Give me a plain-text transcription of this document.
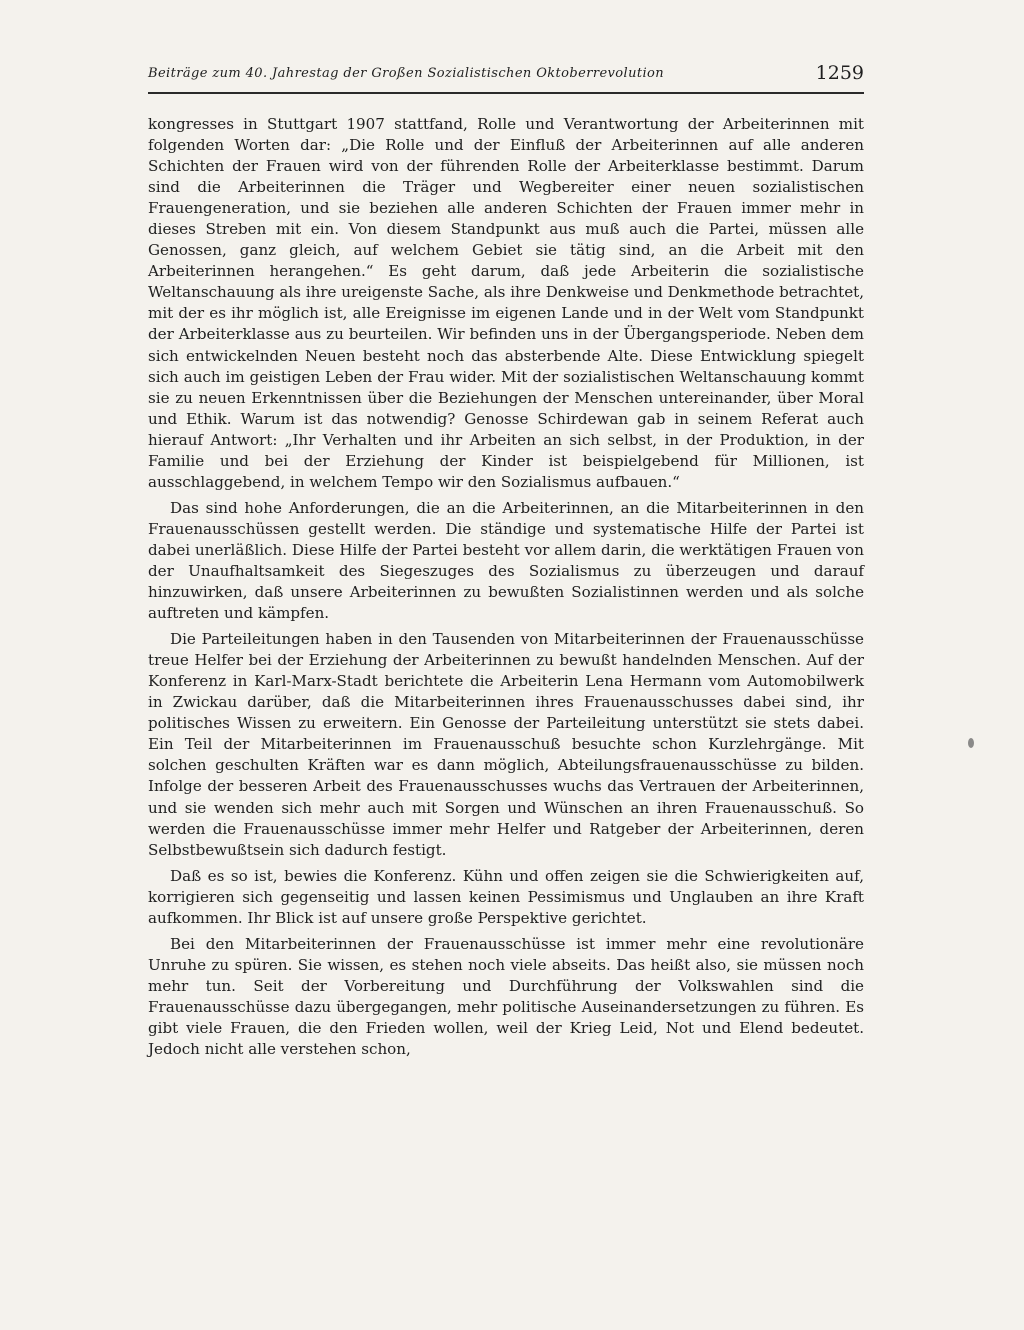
Beiträge zum 40. Jahrestag der Großen Sozialistischen Oktoberrevolution	1259

kongresses in Stuttgart 1907 stattfand, Rolle und Verantwortung der Arbeiterinnen mit folgenden Worten dar: „Die Rolle und der Einfluß der Arbeiterinnen auf alle anderen Schichten der Frauen wird von der führenden Rolle der Arbeiterklasse bestimmt. Darum sind die Arbeiterinnen die Träger und Wegbereiter einer neuen sozialistischen Frauengeneration, und sie beziehen alle anderen Schichten der Frauen immer mehr in dieses Streben mit ein. Von diesem Standpunkt aus muß auch die Partei, müssen alle Genossen, ganz gleich, auf welchem Gebiet sie tätig sind, an die Arbeit mit den Arbeiterinnen herangehen.“ Es geht darum, daß jede Arbeiterin die sozialistische Weltanschauung als ihre ureigenste Sache, als ihre Denkweise und Denkmethode betrachtet, mit der es ihr möglich ist, alle Ereignisse im eigenen Lande und in der Welt vom Standpunkt der Arbeiterklasse aus zu beurteilen. Wir befinden uns in der Übergangsperiode. Neben dem sich entwickelnden Neuen besteht noch das absterbende Alte. Diese Entwicklung spiegelt sich auch im geistigen Leben der Frau wider. Mit der sozialistischen Weltanschauung kommt sie zu neuen Erkenntnissen über die Beziehungen der Menschen untereinander, über Moral und Ethik. Warum ist das notwendig? Genosse Schirdewan gab in seinem Referat auch hierauf Antwort: „Ihr Verhalten und ihr Arbeiten an sich selbst, in der Produktion, in der Familie und bei der Erziehung der Kinder ist beispielgebend für Millionen, ist ausschlaggebend, in welchem Tempo wir den Sozialismus aufbauen.“

Das sind hohe Anforderungen, die an die Arbeiterinnen, an die Mitarbeiterinnen in den Frauenausschüssen gestellt werden. Die ständige und systematische Hilfe der Partei ist dabei unerläßlich. Diese Hilfe der Partei besteht vor allem darin, die werktätigen Frauen von der Unaufhaltsamkeit des Siegeszuges des Sozialismus zu überzeugen und darauf hinzuwirken, daß unsere Arbeiterinnen zu bewußten Sozialistinnen werden und als solche auftreten und kämpfen.

Die Parteileitungen haben in den Tausenden von Mitarbeiterinnen der Frauenausschüsse treue Helfer bei der Erziehung der Arbeiterinnen zu bewußt handelnden Menschen. Auf der Konferenz in Karl-Marx-Stadt berichtete die Arbeiterin Lena Hermann vom Automobilwerk in Zwickau darüber, daß die Mitarbeiterinnen ihres Frauenausschusses dabei sind, ihr politisches Wissen zu erweitern. Ein Genosse der Parteileitung unterstützt sie stets dabei. Ein Teil der Mitarbeiterinnen im Frauenausschuß besuchte schon Kurzlehrgänge. Mit solchen geschulten Kräften war es dann möglich, Abteilungsfrauenausschüsse zu bilden. Infolge der besseren Arbeit des Frauenausschusses wuchs das Vertrauen der Arbeiterinnen, und sie wenden sich mehr auch mit Sorgen und Wünschen an ihren Frauenausschuß. So werden die Frauenausschüsse immer mehr Helfer und Ratgeber der Arbeiterinnen, deren Selbstbewußtsein sich dadurch festigt.

Daß es so ist, bewies die Konferenz. Kühn und offen zeigen sie die Schwierigkeiten auf, korrigieren sich gegenseitig und lassen keinen Pessimismus und Unglauben an ihre Kraft aufkommen. Ihr Blick ist auf unsere große Perspektive gerichtet.

Bei den Mitarbeiterinnen der Frauenausschüsse ist immer mehr eine revolutionäre Unruhe zu spüren. Sie wissen, es stehen noch viele abseits. Das heißt also, sie müssen noch mehr tun. Seit der Vorbereitung und Durchführung der Volkswahlen sind die Frauenausschüsse dazu übergegangen, mehr politische Auseinandersetzungen zu führen. Es gibt viele Frauen, die den Frieden wollen, weil der Krieg Leid, Not und Elend bedeutet. Jedoch nicht alle verstehen schon,
